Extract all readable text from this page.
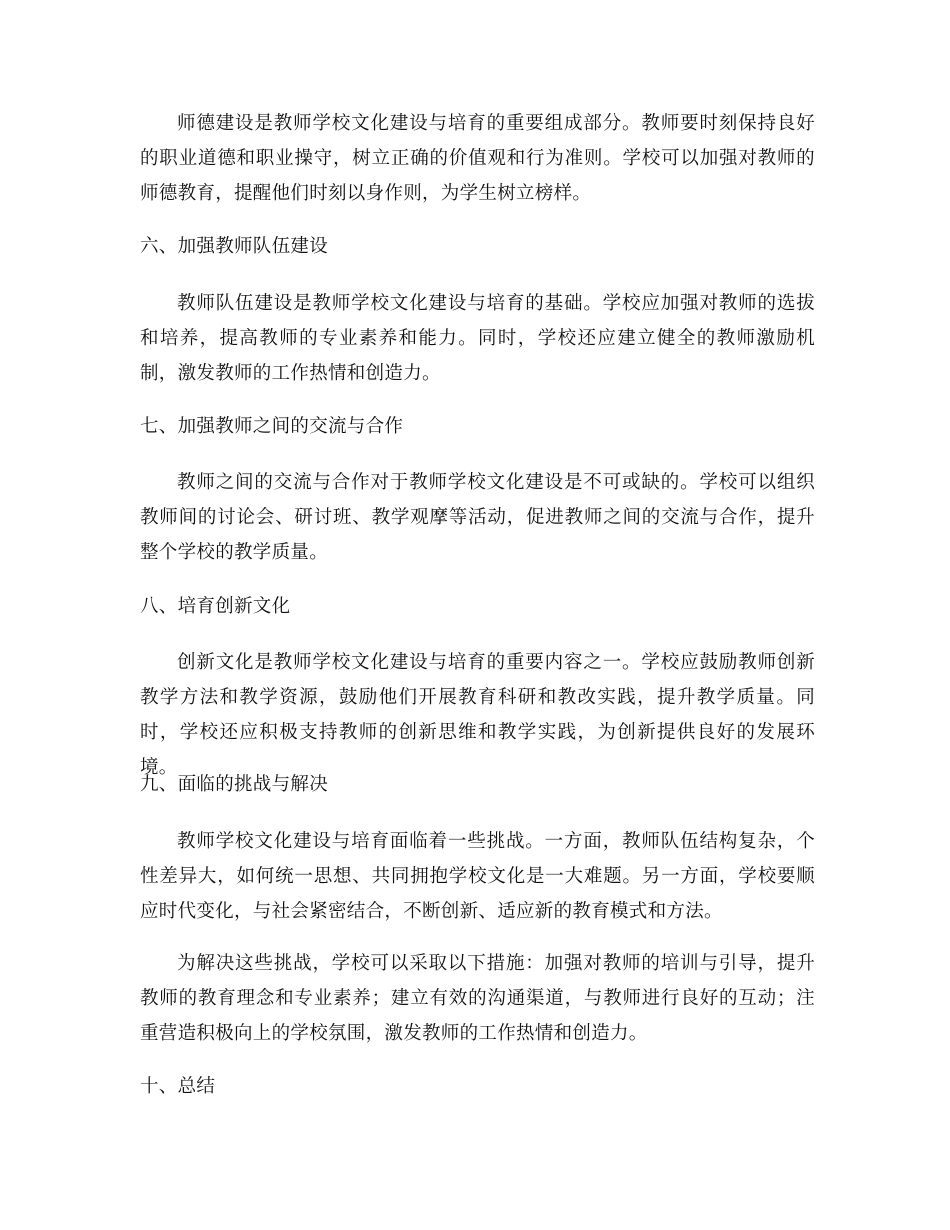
师德建设是教师学校文化建设与培育的重要组成部分。教师要时刻保持良好的职业道德和职业操守，树立正确的价值观和行为准则。学校可以加强对教师的师德教育，提醒他们时刻以身作则，为学生树立榜样。

六、加强教师队伍建设

教师队伍建设是教师学校文化建设与培育的基础。学校应加强对教师的选拔和培养，提高教师的专业素养和能力。同时，学校还应建立健全的教师激励机制，激发教师的工作热情和创造力。

七、加强教师之间的交流与合作

教师之间的交流与合作对于教师学校文化建设是不可或缺的。学校可以组织教师间的讨论会、研讨班、教学观摩等活动，促进教师之间的交流与合作，提升整个学校的教学质量。

八、培育创新文化

创新文化是教师学校文化建设与培育的重要内容之一。学校应鼓励教师创新教学方法和教学资源，鼓励他们开展教育科研和教改实践，提升教学质量。同时，学校还应积极支持教师的创新思维和教学实践，为创新提供良好的发展环境。

九、面临的挑战与解决

教师学校文化建设与培育面临着一些挑战。一方面，教师队伍结构复杂，个性差异大，如何统一思想、共同拥抱学校文化是一大难题。另一方面，学校要顺应时代变化，与社会紧密结合，不断创新、适应新的教育模式和方法。

为解决这些挑战，学校可以采取以下措施：加强对教师的培训与引导，提升教师的教育理念和专业素养；建立有效的沟通渠道，与教师进行良好的互动；注重营造积极向上的学校氛围，激发教师的工作热情和创造力。

十、总结
